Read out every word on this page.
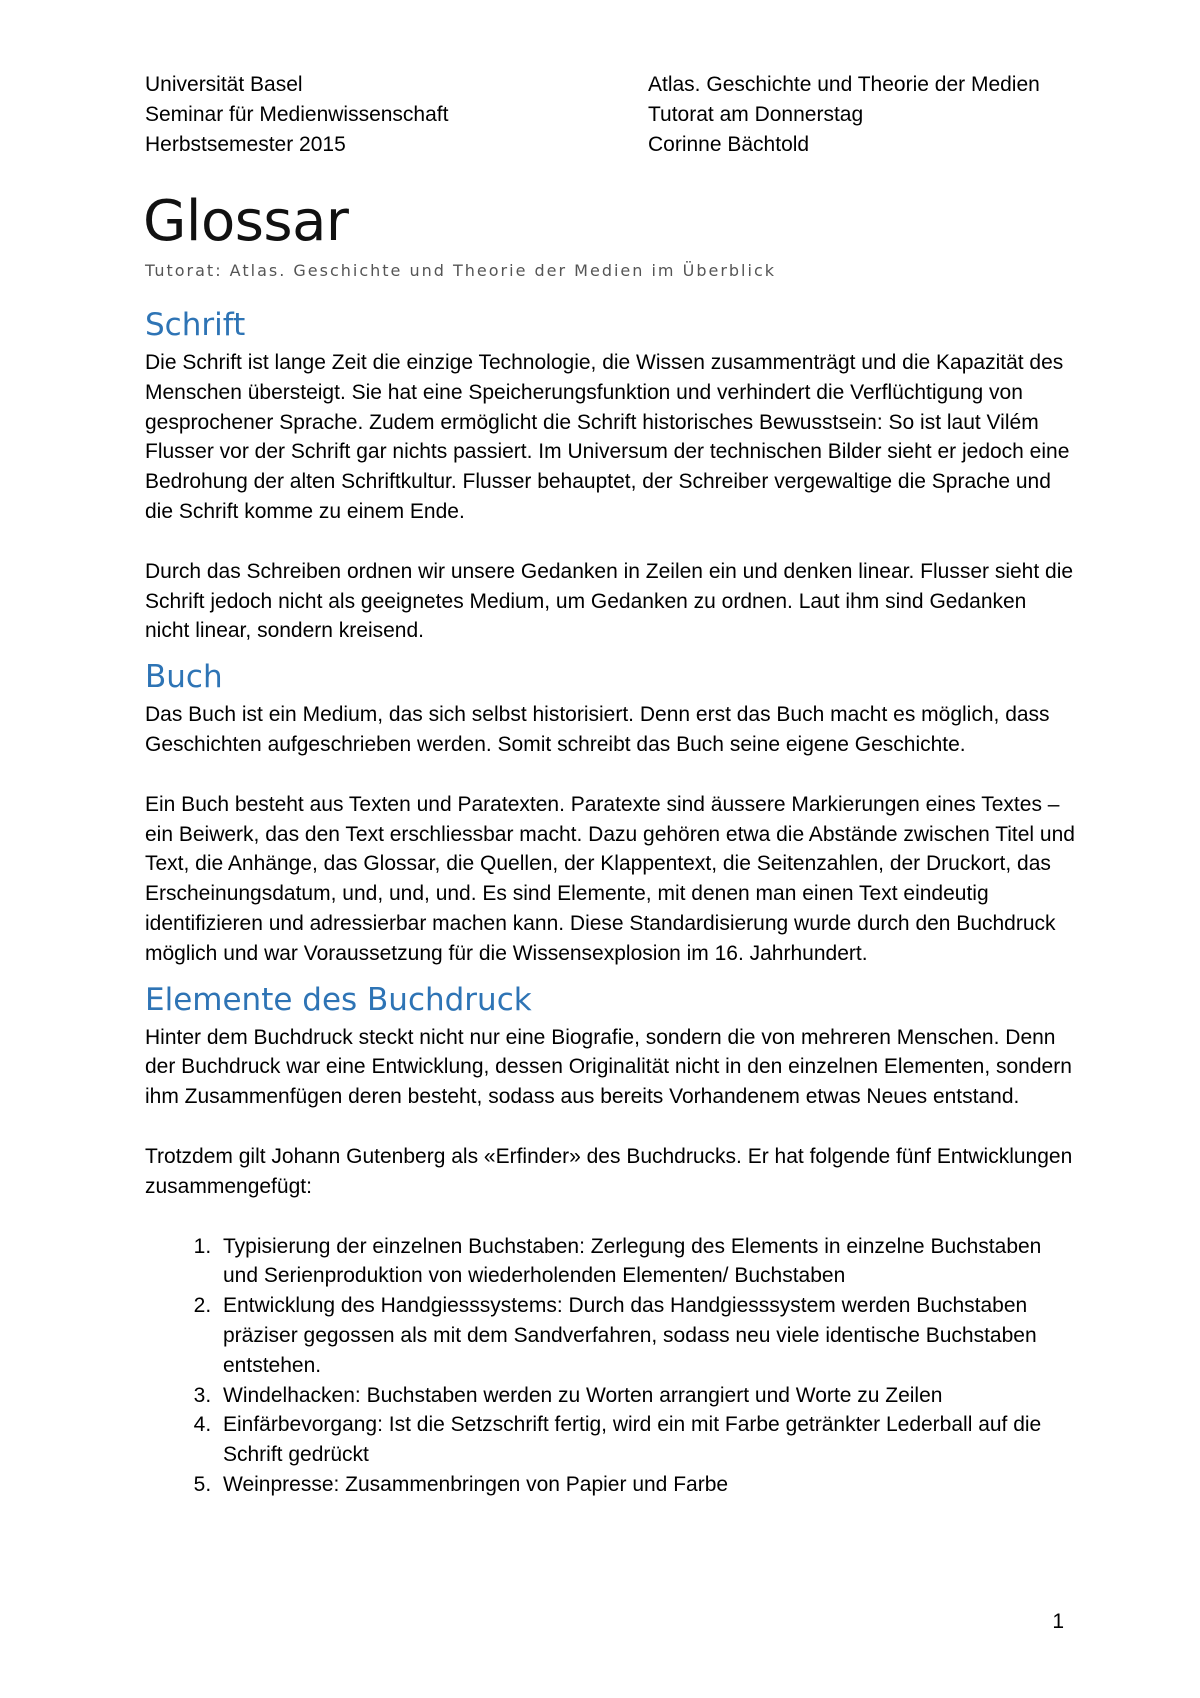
Universität Basel
Seminar für Medienwissenschaft
Herbstsemester 2015
Atlas. Geschichte und Theorie der Medien
Tutorat am Donnerstag
Corinne Bächtold
Glossar
Tutorat: Atlas. Geschichte und Theorie der Medien im Überblick
Schrift

Die Schrift ist lange Zeit die einzige Technologie, die Wissen zusammenträgt und die Kapazität des Menschen übersteigt. Sie hat eine Speicherungsfunktion und verhindert die Verflüchtigung von gesprochener Sprache. Zudem ermöglicht die Schrift historisches Bewusstsein: So ist laut Vilém Flusser vor der Schrift gar nichts passiert. Im Universum der technischen Bilder sieht er jedoch eine Bedrohung der alten Schriftkultur. Flusser behauptet, der Schreiber vergewaltige die Sprache und die Schrift komme zu einem Ende.

Durch das Schreiben ordnen wir unsere Gedanken in Zeilen ein und denken linear. Flusser sieht die Schrift jedoch nicht als geeignetes Medium, um Gedanken zu ordnen. Laut ihm sind Gedanken nicht linear, sondern kreisend.

Buch

Das Buch ist ein Medium, das sich selbst historisiert. Denn erst das Buch macht es möglich, dass Geschichten aufgeschrieben werden. Somit schreibt das Buch seine eigene Geschichte.

Ein Buch besteht aus Texten und Paratexten. Paratexte sind äussere Markierungen eines Textes – ein Beiwerk, das den Text erschliessbar macht. Dazu gehören etwa die Abstände zwischen Titel und Text, die Anhänge, das Glossar, die Quellen, der Klappentext, die Seitenzahlen, der Druckort, das Erscheinungsdatum, und, und, und. Es sind Elemente, mit denen man einen Text eindeutig identifizieren und adressierbar machen kann. Diese Standardisierung wurde durch den Buchdruck möglich und war Voraussetzung für die Wissensexplosion im 16. Jahrhundert.

Elemente des Buchdruck

Hinter dem Buchdruck steckt nicht nur eine Biografie, sondern die von mehreren Menschen. Denn der Buchdruck war eine Entwicklung, dessen Originalität nicht in den einzelnen Elementen, sondern ihm Zusammenfügen deren besteht, sodass aus bereits Vorhandenem etwas Neues entstand.

Trotzdem gilt Johann Gutenberg als «Erfinder» des Buchdrucks. Er hat folgende fünf Entwicklungen zusammengefügt:

1. Typisierung der einzelnen Buchstaben: Zerlegung des Elements in einzelne Buchstaben und Serienproduktion von wiederholenden Elementen/ Buchstaben
2. Entwicklung des Handgiesssystems: Durch das Handgiesssystem werden Buchstaben präziser gegossen als mit dem Sandverfahren, sodass neu viele identische Buchstaben entstehen.
3. Windelhacken: Buchstaben werden zu Worten arrangiert und Worte zu Zeilen
4. Einfärbevorgang: Ist die Setzschrift fertig, wird ein mit Farbe getränkter Lederball auf die Schrift gedrückt
5. Weinpresse: Zusammenbringen von Papier und Farbe
1
